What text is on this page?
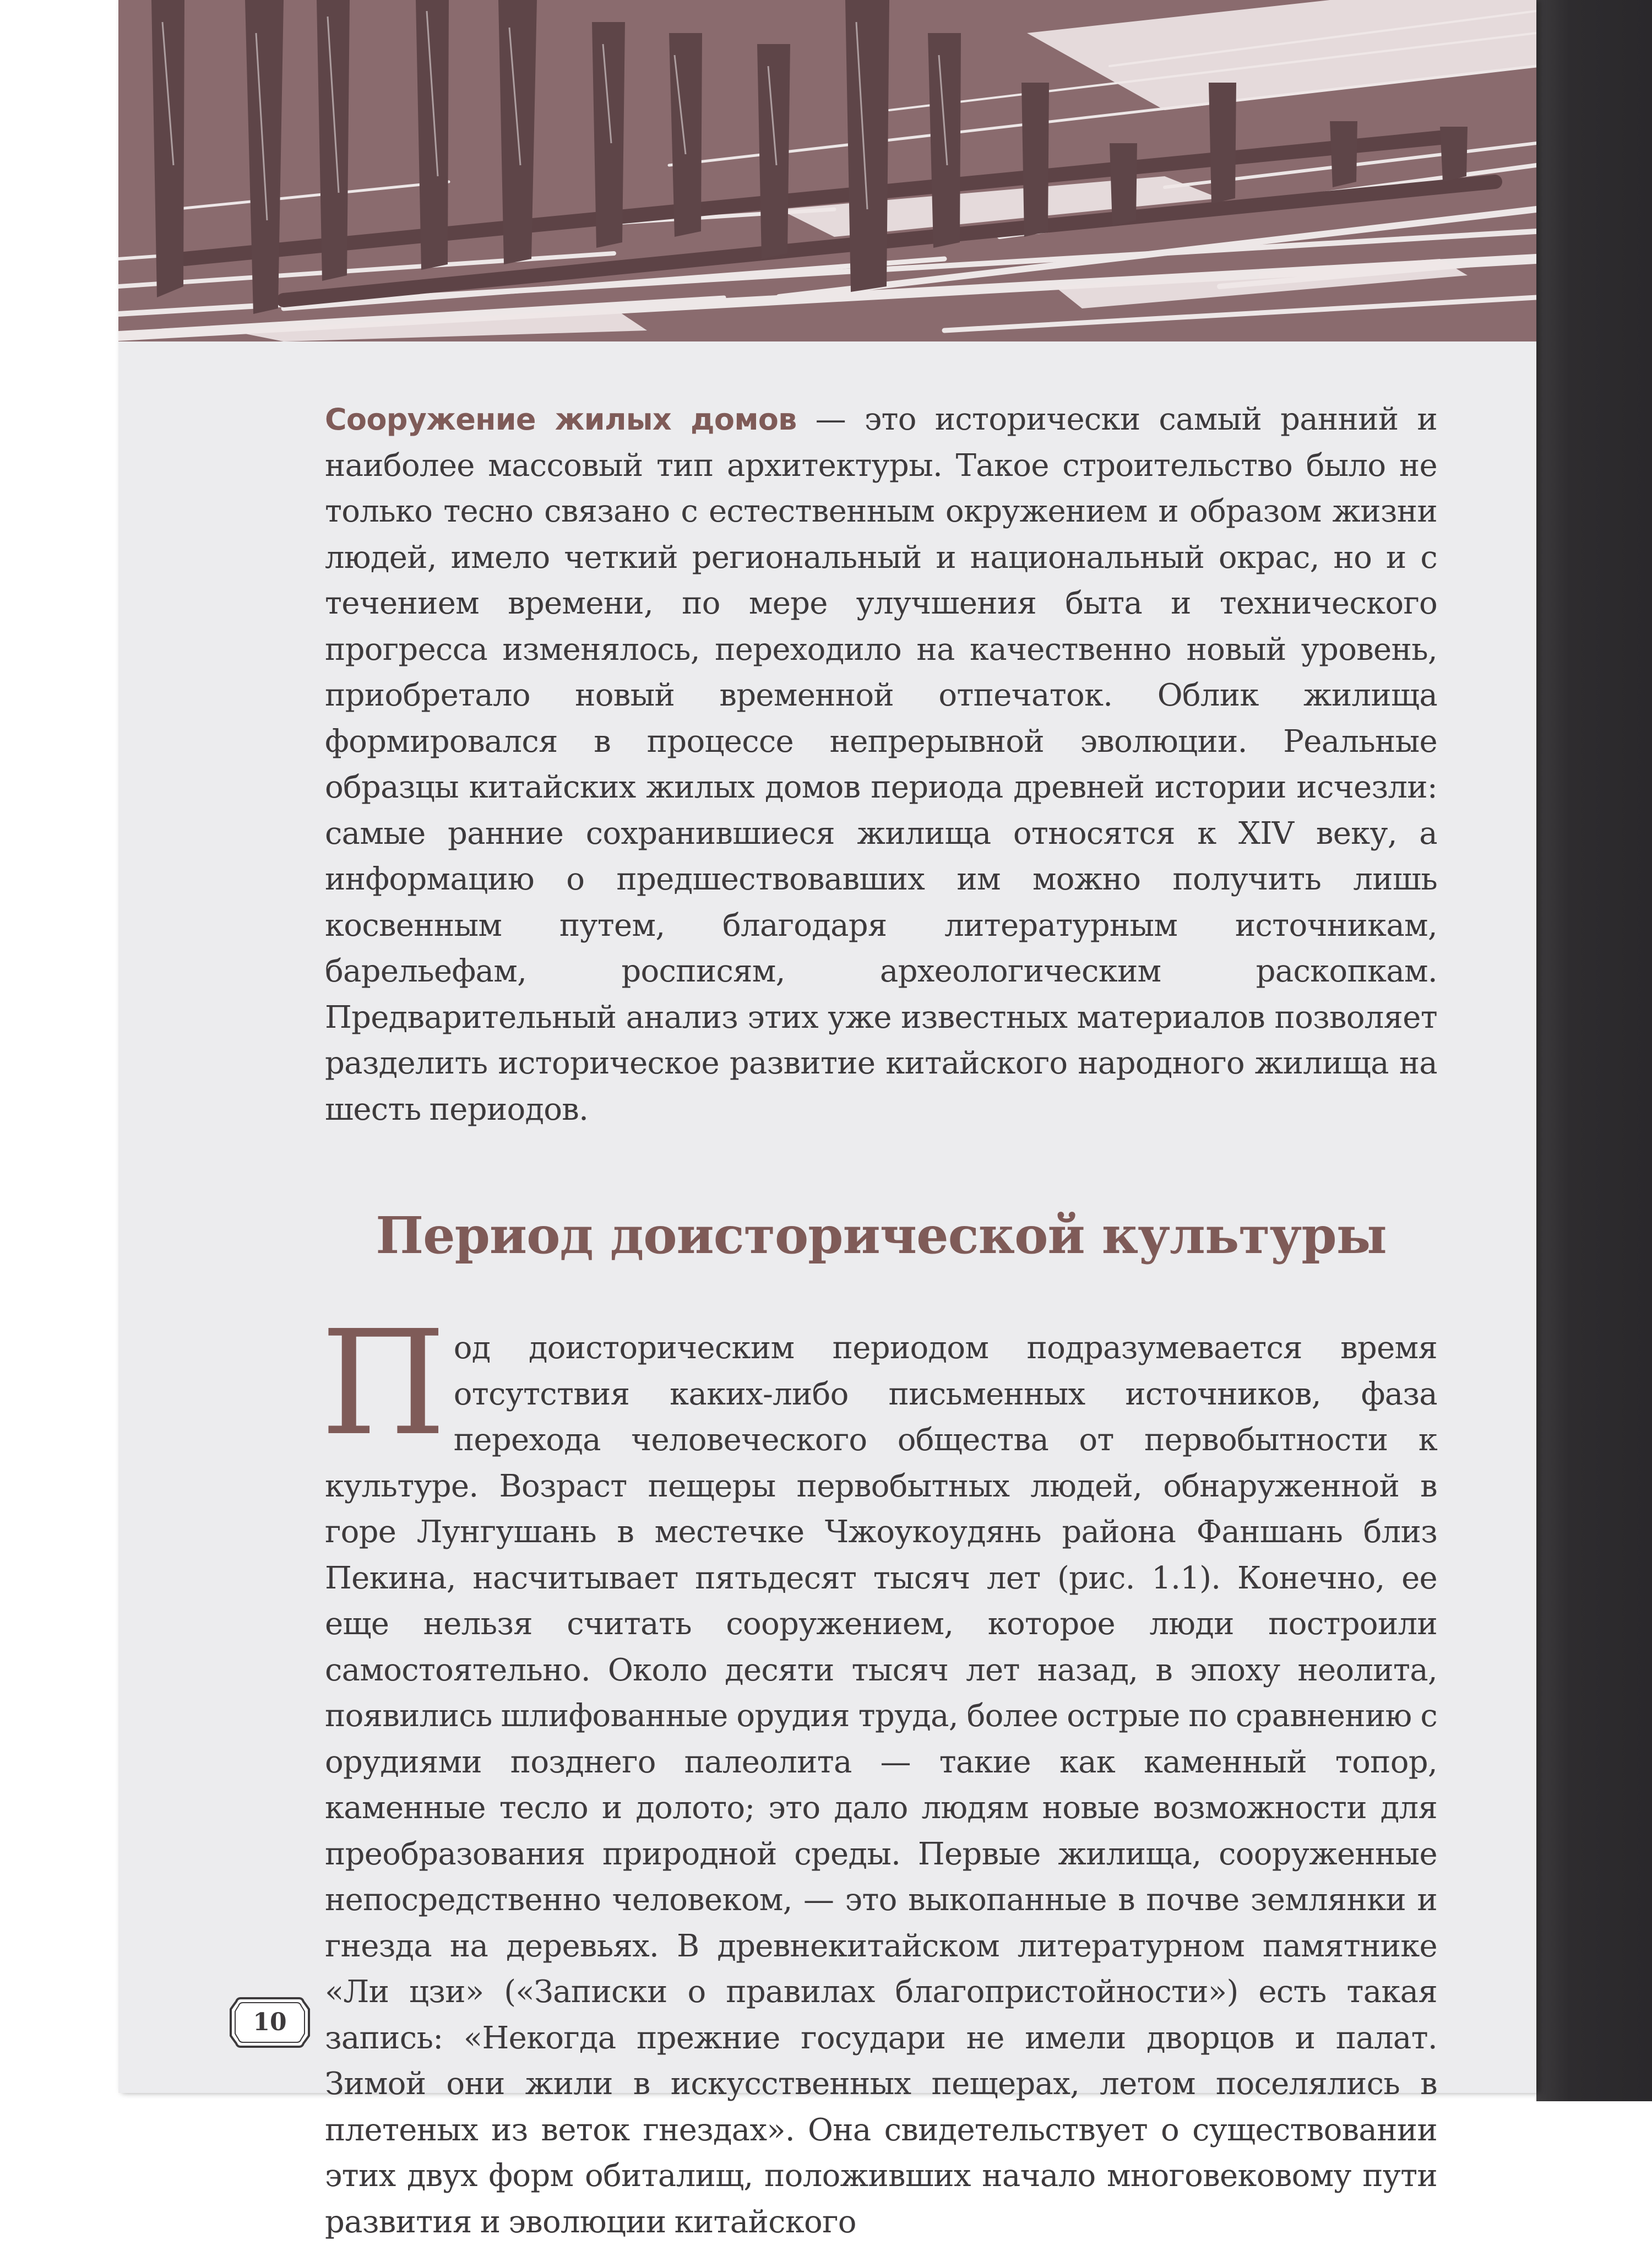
Сооружение жилых домов — это исторически самый ранний и наиболее массовый тип архитектуры. Такое строительство было не только тесно связано с естественным окружением и образом жизни людей, имело четкий региональный и национальный окрас, но и с течением времени, по мере улучшения быта и технического прогресса изменялось, переходило на качественно новый уровень, приобретало новый временной отпечаток. Облик жилища формировался в процессе непрерывной эволюции. Реальные образцы китайских жилых домов периода древней истории исчезли: самые ранние сохранившиеся жилища относятся к XIV веку, а информацию о предшествовавших им можно получить лишь косвенным путем, благодаря литературным источникам, барельефам, росписям, археологическим раскопкам. Предварительный анализ этих уже известных материалов позволяет разделить историческое развитие китайского народного жилища на шесть периодов.

Период доисторической культуры

Под доисторическим периодом подразумевается время отсутствия каких-либо письменных источников, фаза перехода человеческого общества от первобытности к культуре. Возраст пещеры первобытных людей, обнаруженной в горе Лунгушань в местечке Чжоукоудянь района Фаншань близ Пекина, насчитывает пятьдесят тысяч лет (рис. 1.1). Конечно, ее еще нельзя считать сооружением, которое люди построили самостоятельно. Около десяти тысяч лет назад, в эпоху неолита, появились шлифованные орудия труда, более острые по сравнению с орудиями позднего палеолита — такие как каменный топор, каменные тесло и долото; это дало людям новые возможности для преобразования природной среды. Первые жилища, сооруженные непосредственно человеком, — это выкопанные в почве землянки и гнезда на деревьях. В древнекитайском литературном памятнике «Ли цзи» («Записки о правилах благопристойности») есть такая запись: «Некогда прежние государи не имели дворцов и палат. Зимой они жили в искусственных пещерах, летом поселялись в плетеных из веток гнездах». Она свидетельствует о существовании этих двух форм обиталищ, положивших начало многовековому пути развития и эволюции китайского

10
